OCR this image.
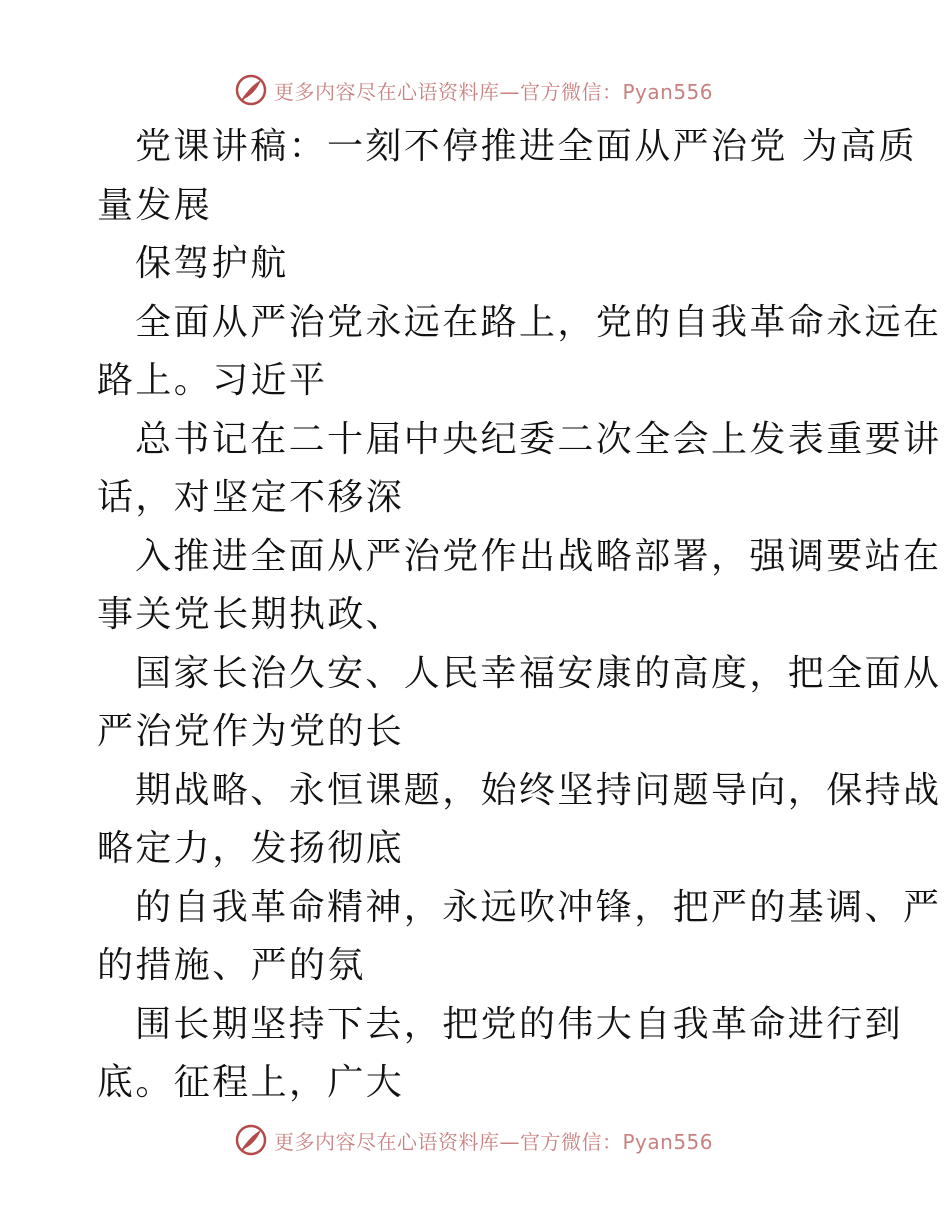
更多内容尽在心语资料库—官方微信：Pyan556
党课讲稿：一刻不停推进全面从严治党 为高质
量发展
保驾护航
全面从严治党永远在路上，党的自我革命永远在
路上。习近平
总书记在二十届中央纪委二次全会上发表重要讲
话，对坚定不移深
入推进全面从严治党作出战略部署，强调要站在
事关党长期执政、
国家长治久安、人民幸福安康的高度，把全面从
严治党作为党的长
期战略、永恒课题，始终坚持问题导向，保持战
略定力，发扬彻底
的自我革命精神，永远吹冲锋，把严的基调、严
的措施、严的氛
围长期坚持下去，把党的伟大自我革命进行到
底。征程上，广大
更多内容尽在心语资料库—官方微信：Pyan556
